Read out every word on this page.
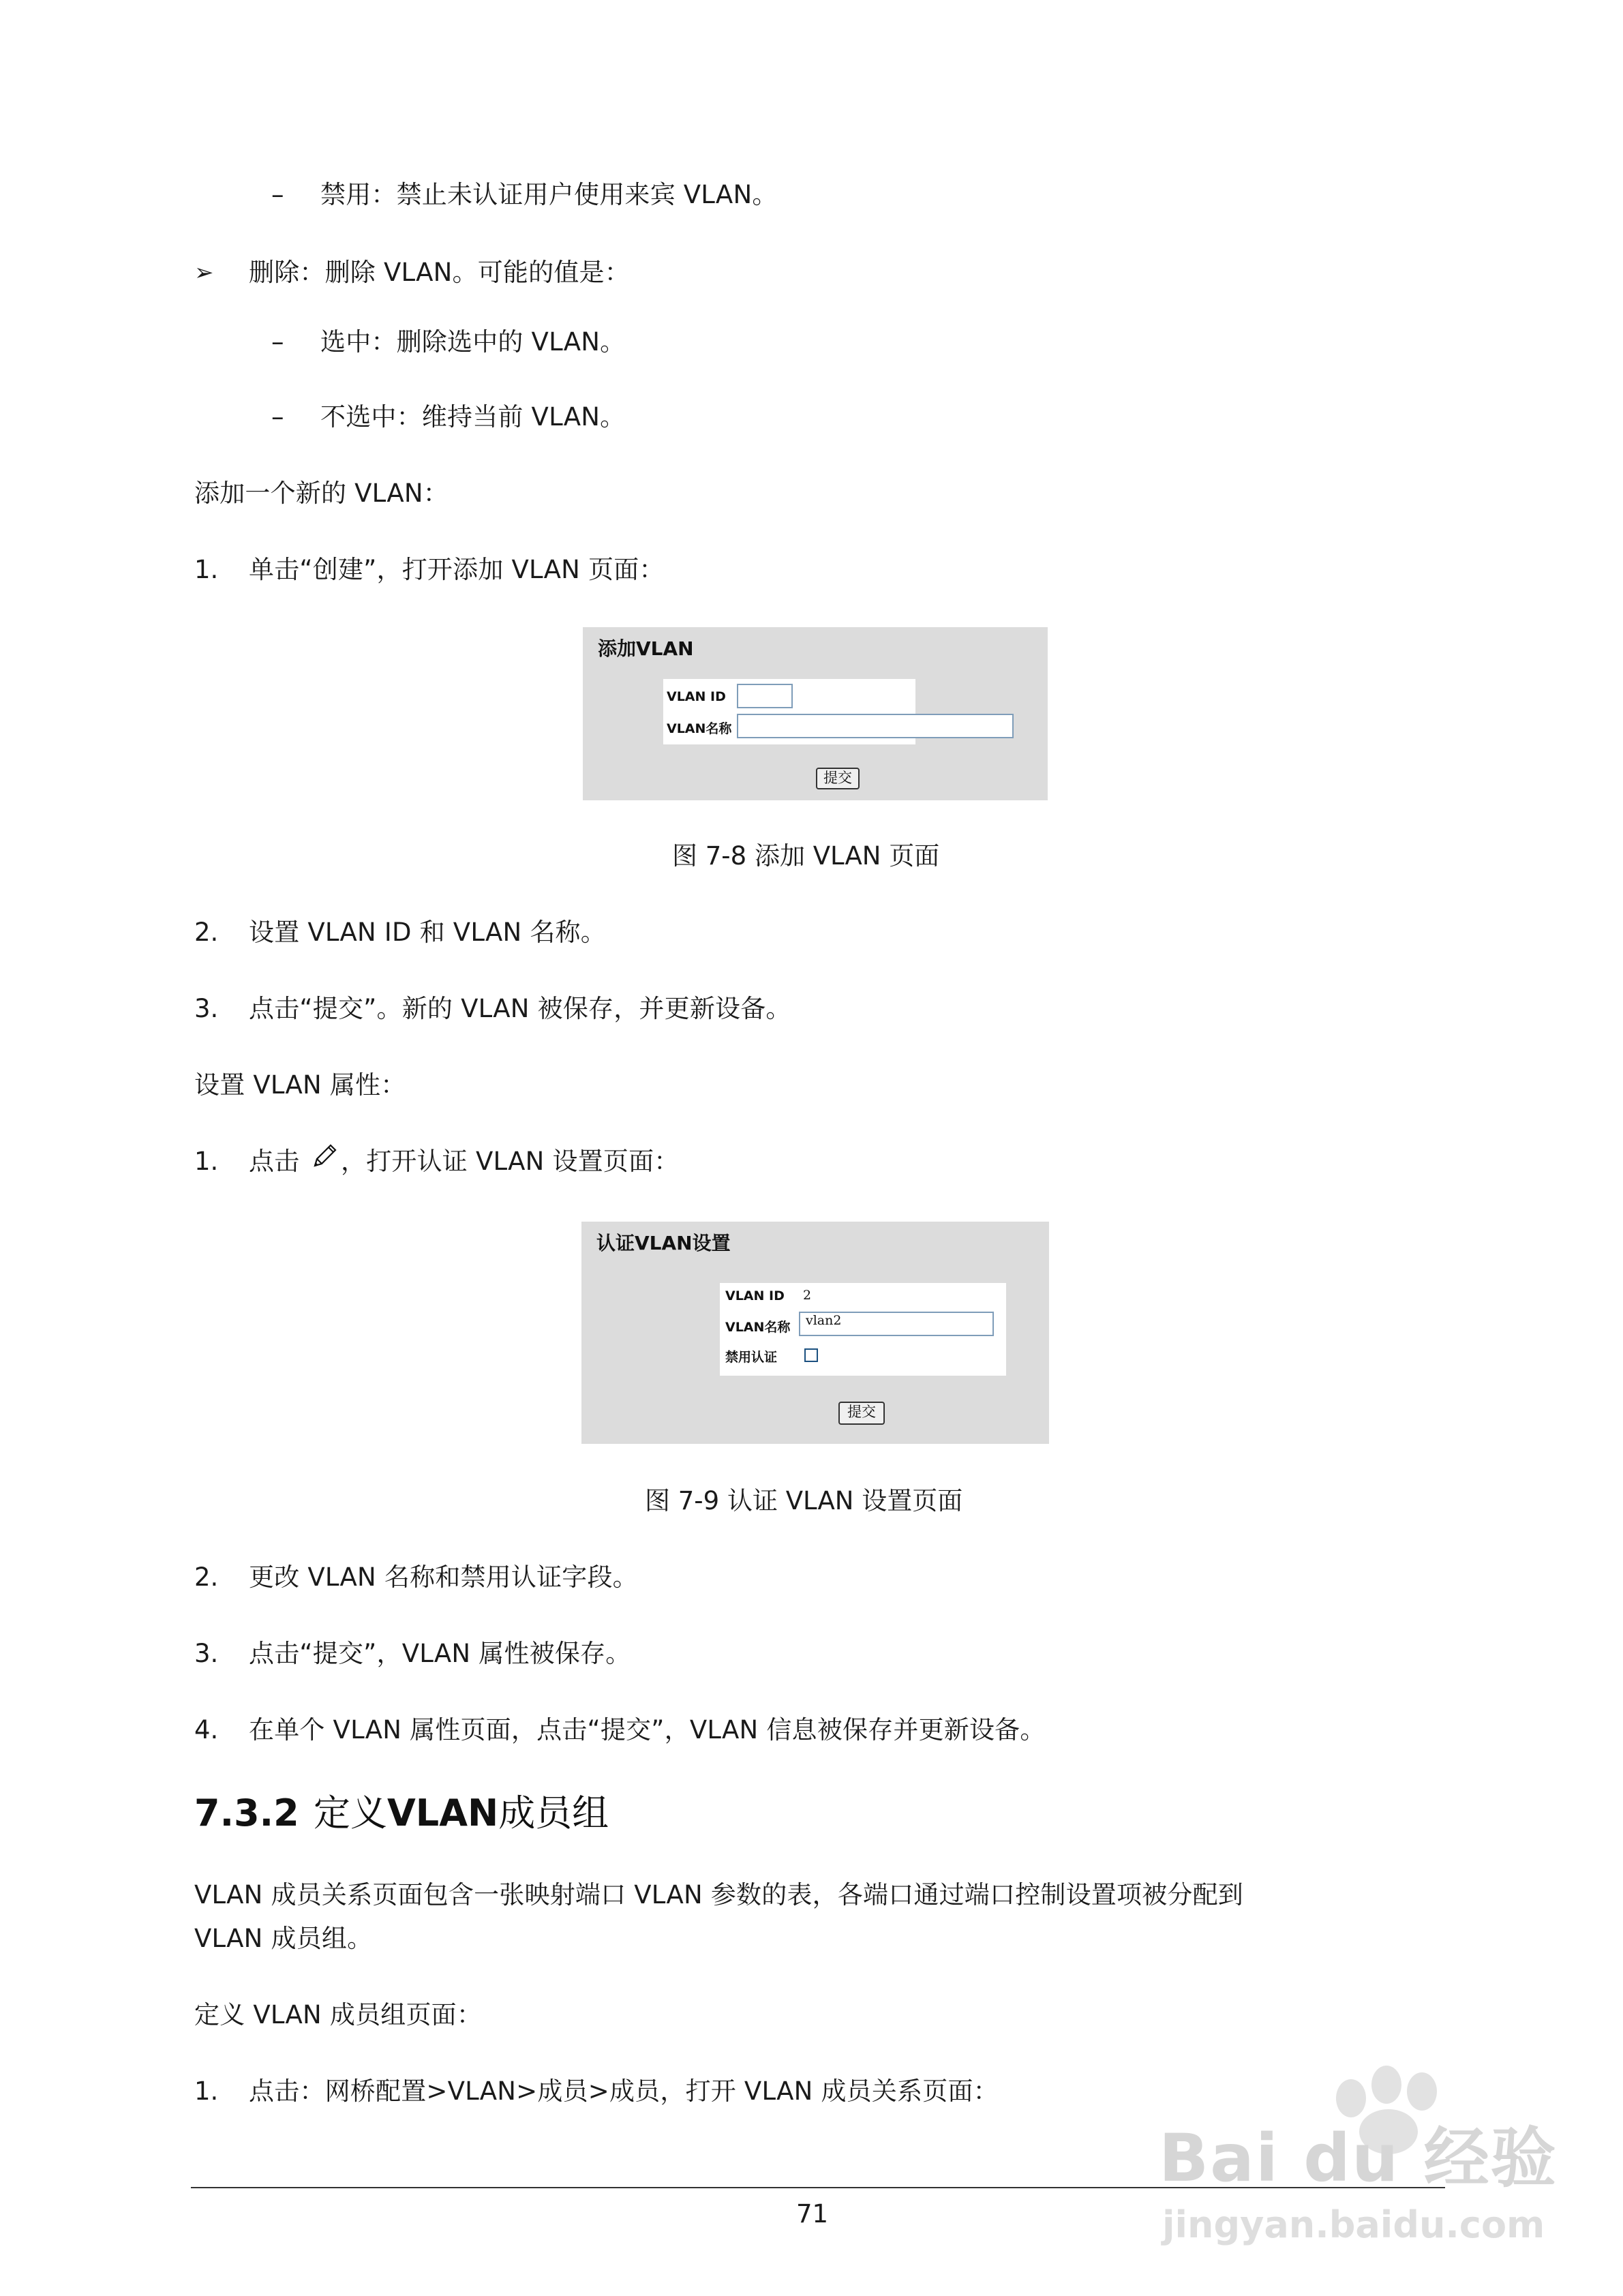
– 禁用：禁止未认证用户使用来宾 VLAN。
➢ 删除：删除 VLAN。可能的值是：
– 选中：删除选中的 VLAN。
– 不选中：维持当前 VLAN。
添加一个新的 VLAN：
1. 单击“创建”，打开添加 VLAN 页面：
添加VLAN
VLAN ID
VLAN名称
提交
图 7-8 添加 VLAN 页面
2. 设置 VLAN ID 和 VLAN 名称。
3. 点击“提交”。新的 VLAN 被保存，并更新设备。
设置 VLAN 属性：
1. 点击 ，打开认证 VLAN 设置页面：
认证VLAN设置
VLAN ID 2
VLAN名称	vlan2
禁用认证
提交
图 7-9 认证 VLAN 设置页面
2. 更改 VLAN 名称和禁用认证字段。
3. 点击“提交”，VLAN 属性被保存。
4. 在单个 VLAN 属性页面，点击“提交”，VLAN 信息被保存并更新设备。
7.3.2 定义VLAN成员组
VLAN 成员关系页面包含一张映射端口 VLAN 参数的表，各端口通过端口控制设置项被分配到
VLAN 成员组。
定义 VLAN 成员组页面：
1. 点击：网桥配置>VLAN>成员>成员，打开 VLAN 成员关系页面：
71
Bai du 经验
jingyan.baidu.com
